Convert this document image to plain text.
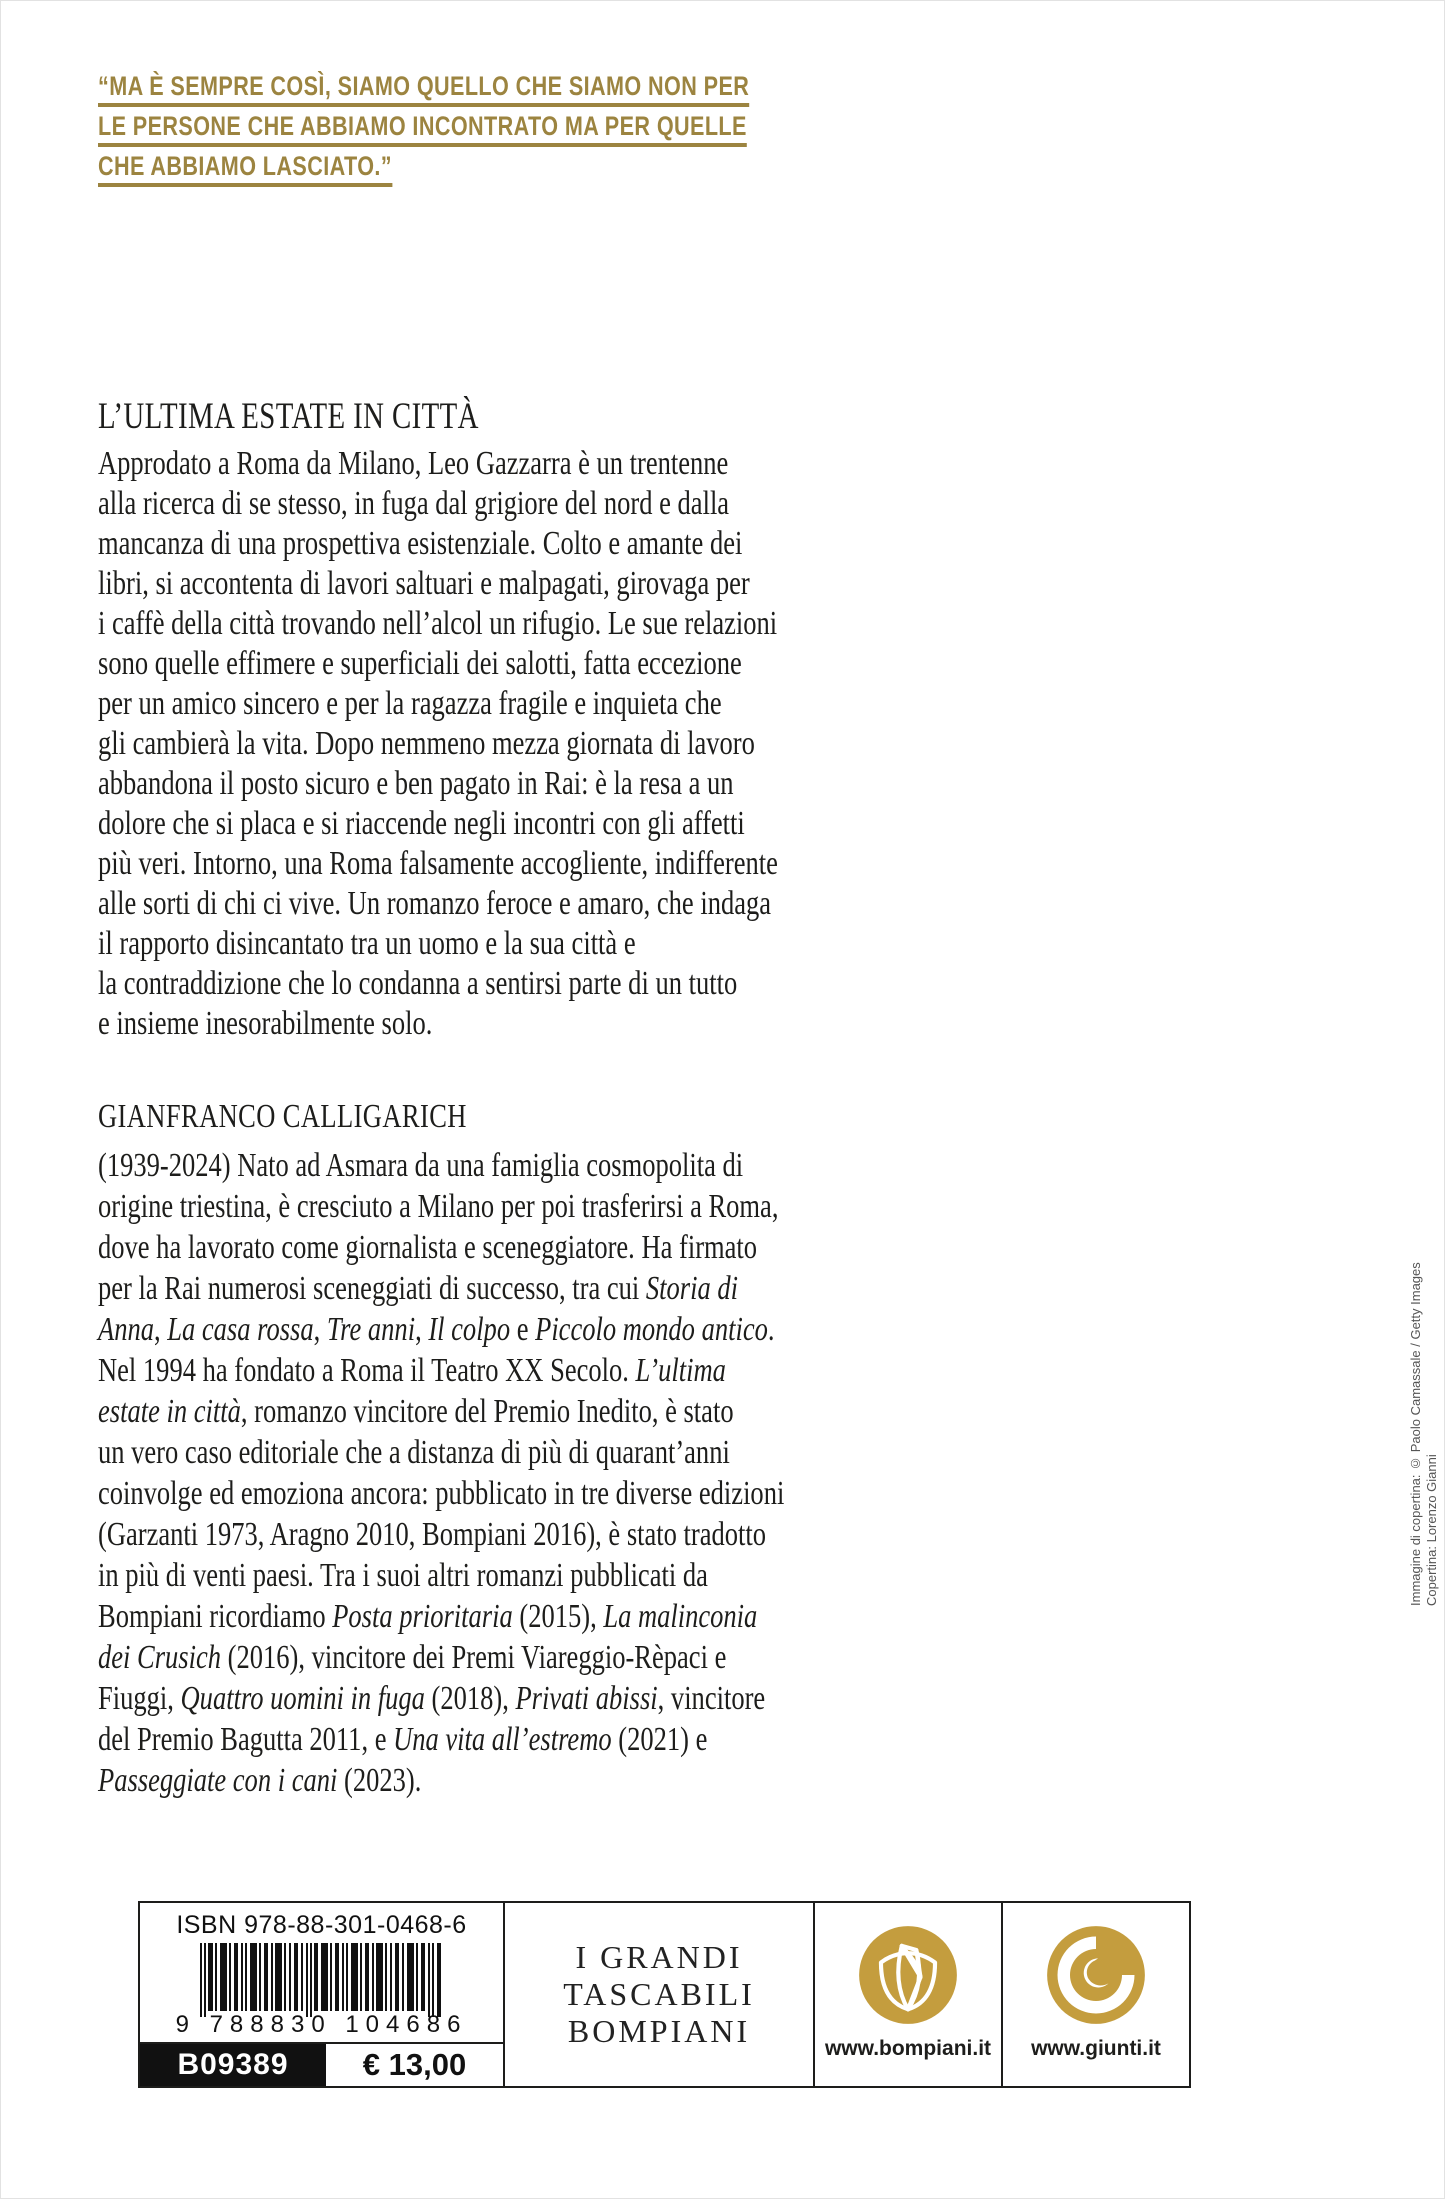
“MA È SEMPRE COSÌ, SIAMO QUELLO CHE SIAMO NON PER
LE PERSONE CHE ABBIAMO INCONTRATO MA PER QUELLE
CHE ABBIAMO LASCIATO.”
L’ULTIMA ESTATE IN CITTÀ
Approdato a Roma da Milano, Leo Gazzarra è un trentenne
alla ricerca di se stesso, in fuga dal grigiore del nord e dalla
mancanza di una prospettiva esistenziale. Colto e amante dei
libri, si accontenta di lavori saltuari e malpagati, girovaga per
i caffè della città trovando nell’alcol un rifugio. Le sue relazioni
sono quelle effimere e superficiali dei salotti, fatta eccezione
per un amico sincero e per la ragazza fragile e inquieta che
gli cambierà la vita. Dopo nemmeno mezza giornata di lavoro
abbandona il posto sicuro e ben pagato in Rai: è la resa a un
dolore che si placa e si riaccende negli incontri con gli affetti
più veri. Intorno, una Roma falsamente accogliente, indifferente
alle sorti di chi ci vive. Un romanzo feroce e amaro, che indaga
il rapporto disincantato tra un uomo e la sua città e
la contraddizione che lo condanna a sentirsi parte di un tutto
e insieme inesorabilmente solo.
GIANFRANCO CALLIGARICH
(1939-2024) Nato ad Asmara da una famiglia cosmopolita di
origine triestina, è cresciuto a Milano per poi trasferirsi a Roma,
dove ha lavorato come giornalista e sceneggiatore. Ha firmato
per la Rai numerosi sceneggiati di successo, tra cui Storia di
Anna, La casa rossa, Tre anni, Il colpo e Piccolo mondo antico.
Nel 1994 ha fondato a Roma il Teatro XX Secolo. L’ultima
estate in città, romanzo vincitore del Premio Inedito, è stato
un vero caso editoriale che a distanza di più di quarant’anni
coinvolge ed emoziona ancora: pubblicato in tre diverse edizioni
(Garzanti 1973, Aragno 2010, Bompiani 2016), è stato tradotto
in più di venti paesi. Tra i suoi altri romanzi pubblicati da
Bompiani ricordiamo Posta prioritaria (2015), La malinconia
dei Crusich (2016), vincitore dei Premi Viareggio-Rèpaci e
Fiuggi, Quattro uomini in fuga (2018), Privati abissi, vincitore
del Premio Bagutta 2011, e Una vita all’estremo (2021) e
Passeggiate con i cani (2023).
Immagine di copertina: © Paolo Camassale / Getty Images Copertina: Lorenzo Gianni
ISBN 978-88-301-0468-6
9 788830 104686
B09389	€ 13,00
I GRANDI
TASCABILI
BOMPIANI	www.bompiani.it www.giunti.it
